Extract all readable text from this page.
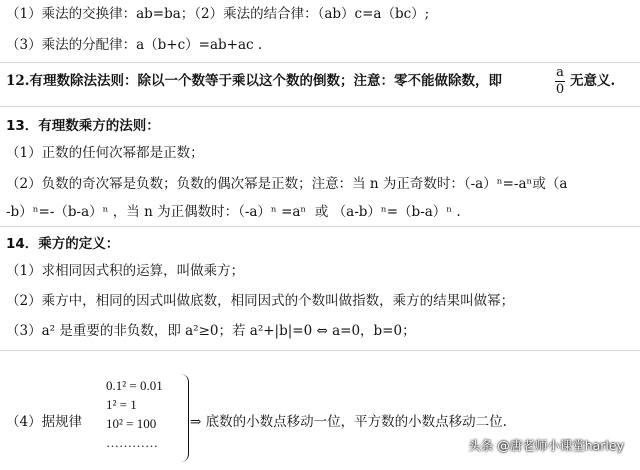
（1）乘法的交换律：ab=ba；（2）乘法的结合律：（ab）c=a（bc）;
（3）乘法的分配律：a（b+c）=ab+ac .
12.有理数除法法则：除以一个数等于乘以这个数的倒数；注意：零不能做除数，即
a
0
无意义.
13．有理数乘方的法则：
（1）正数的任何次幂都是正数；
（2）负数的奇次幂是负数；负数的偶次幂是正数；注意：当 n 为正奇数时：（-a）ⁿ=-aⁿ或（a
-b）ⁿ=-（b-a）ⁿ ，当 n 为正偶数时：（-a）ⁿ =aⁿ  或 （a-b）ⁿ=（b-a）ⁿ .
14．乘方的定义：
（1）求相同因式积的运算，叫做乘方；
（2）乘方中，相同的因式叫做底数，相同因式的个数叫做指数，乘方的结果叫做幂；
（3）a² 是重要的非负数，即 a²≥0；若 a²+|b|=0 ⇔ a=0，b=0；
（4）据规律
0.1² = 0.01
1² = 1
10² = 100
…………
⇒ 底数的小数点移动一位，平方数的小数点移动二位.
头条 @唐老师小课堂harley
